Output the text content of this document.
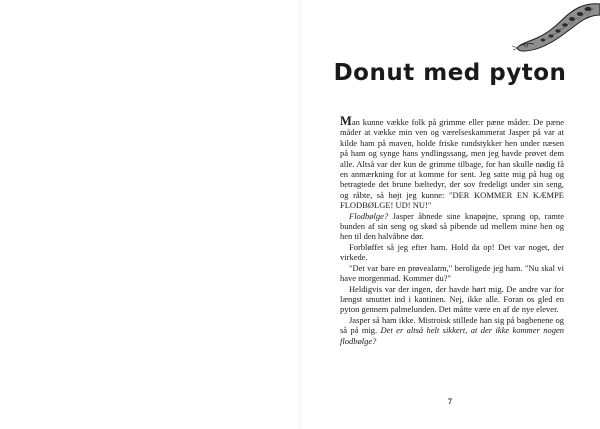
Donut med pyton

Man kunne vække folk på grimme eller pæne måder. De pæne måder at vække min ven og værelseskammerat Jasper på var at kilde ham på maven, holde friske rundstykker hen under næsen på ham og synge hans yndlingssang, men jeg havde prøvet dem alle. Altså var der kun de grimme tilbage, for han skulle nødig få en anmærkning for at komme for sent. Jeg satte mig på hug og betragtede det brune bæltedyr, der sov fredeligt under sin seng, og råbte, så højt jeg kunne: "DER KOMMER EN KÆMPE FLODBØLGE! UD! NU!"

Flodbølge? Jasper åbnede sine knapøjne, sprang op, ramte bunden af sin seng og skød så pibende ud mellem mine ben og hen til den halvåbne dør.

Forbløffet så jeg efter ham. Hold da op! Det var noget, der virkede.

"Det var bare en prøvealarm," beroligede jeg ham. "Nu skal vi have morgenmad. Kommer du?"

Heldigvis var der ingen, der havde hørt mig. De andre var for længst smuttet ind i kantinen. Nej, ikke alle. Foran os gled en pyton gennem palmelunden. Det måtte være en af de nye elever.

Jasper så ham ikke. Mistroisk stillede han sig på bagbenene og så på mig. Det er altså helt sikkert, at der ikke kommer nogen flodbølge?

7
